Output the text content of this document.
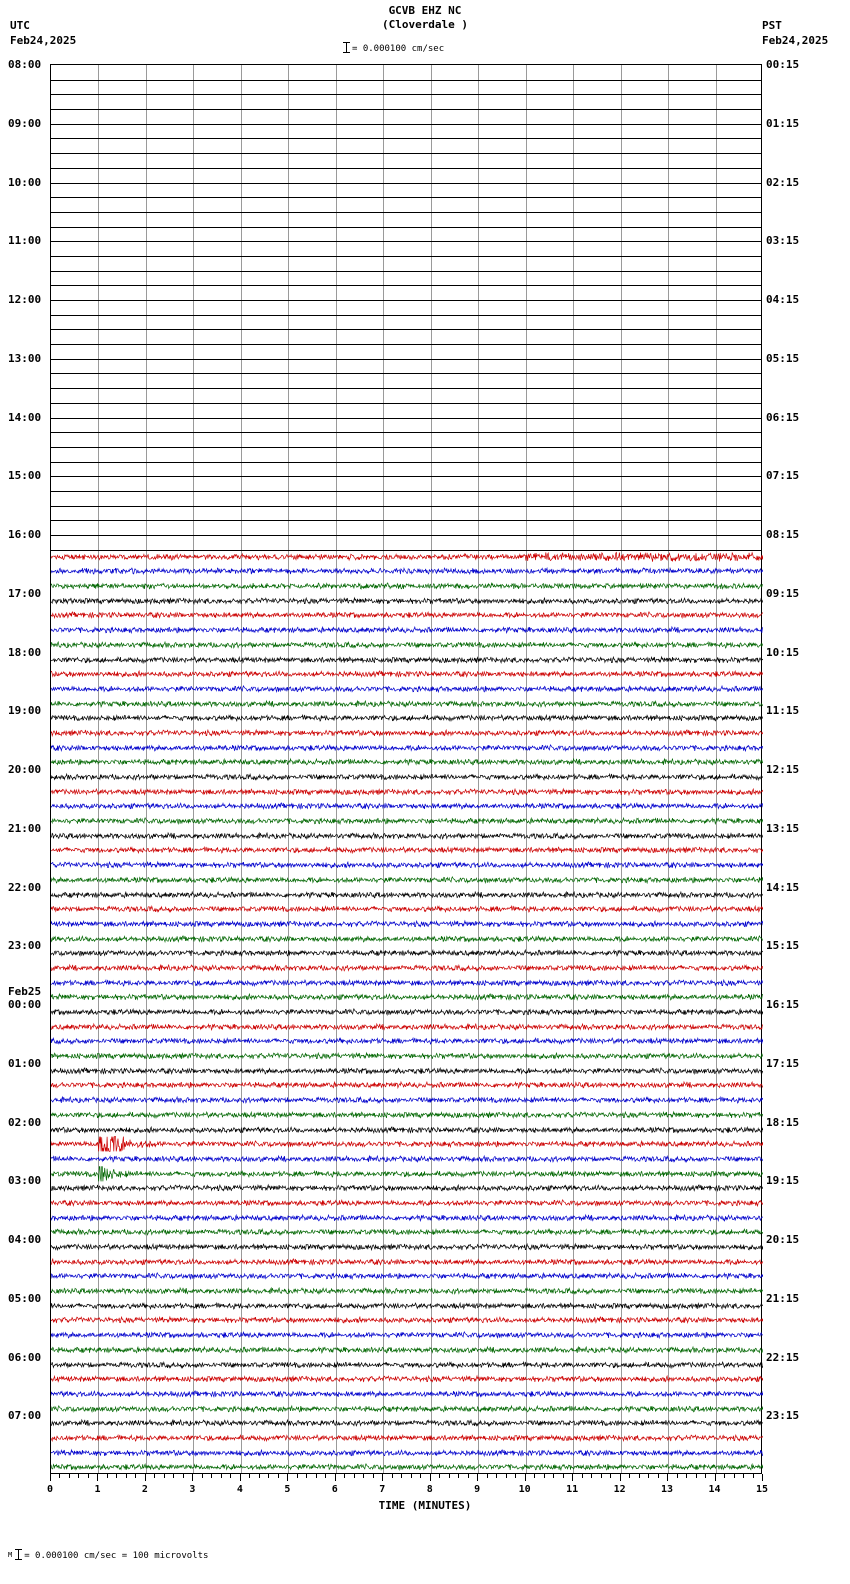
GCVB EHZ NC
(Cloverdale )
UTC
Feb24,2025
PST
Feb24,2025
= 0.000100 cm/sec
08:00
09:00
10:00
11:00
12:00
13:00
14:00
15:00
16:00
17:00
18:00
19:00
20:00
21:00
22:00
23:00
Feb25
00:00
01:00
02:00
03:00
04:00
05:00
06:00
07:00
00:15
01:15
02:15
03:15
04:15
05:15
06:15
07:15
08:15
09:15
10:15
11:15
12:15
13:15
14:15
15:15
16:15
17:15
18:15
19:15
20:15
21:15
22:15
23:15
0	1	2	3	4	5	6	7	8	9	10	11	12	13	14	15
TIME (MINUTES)
M = 0.000100 cm/sec = 100 microvolts
